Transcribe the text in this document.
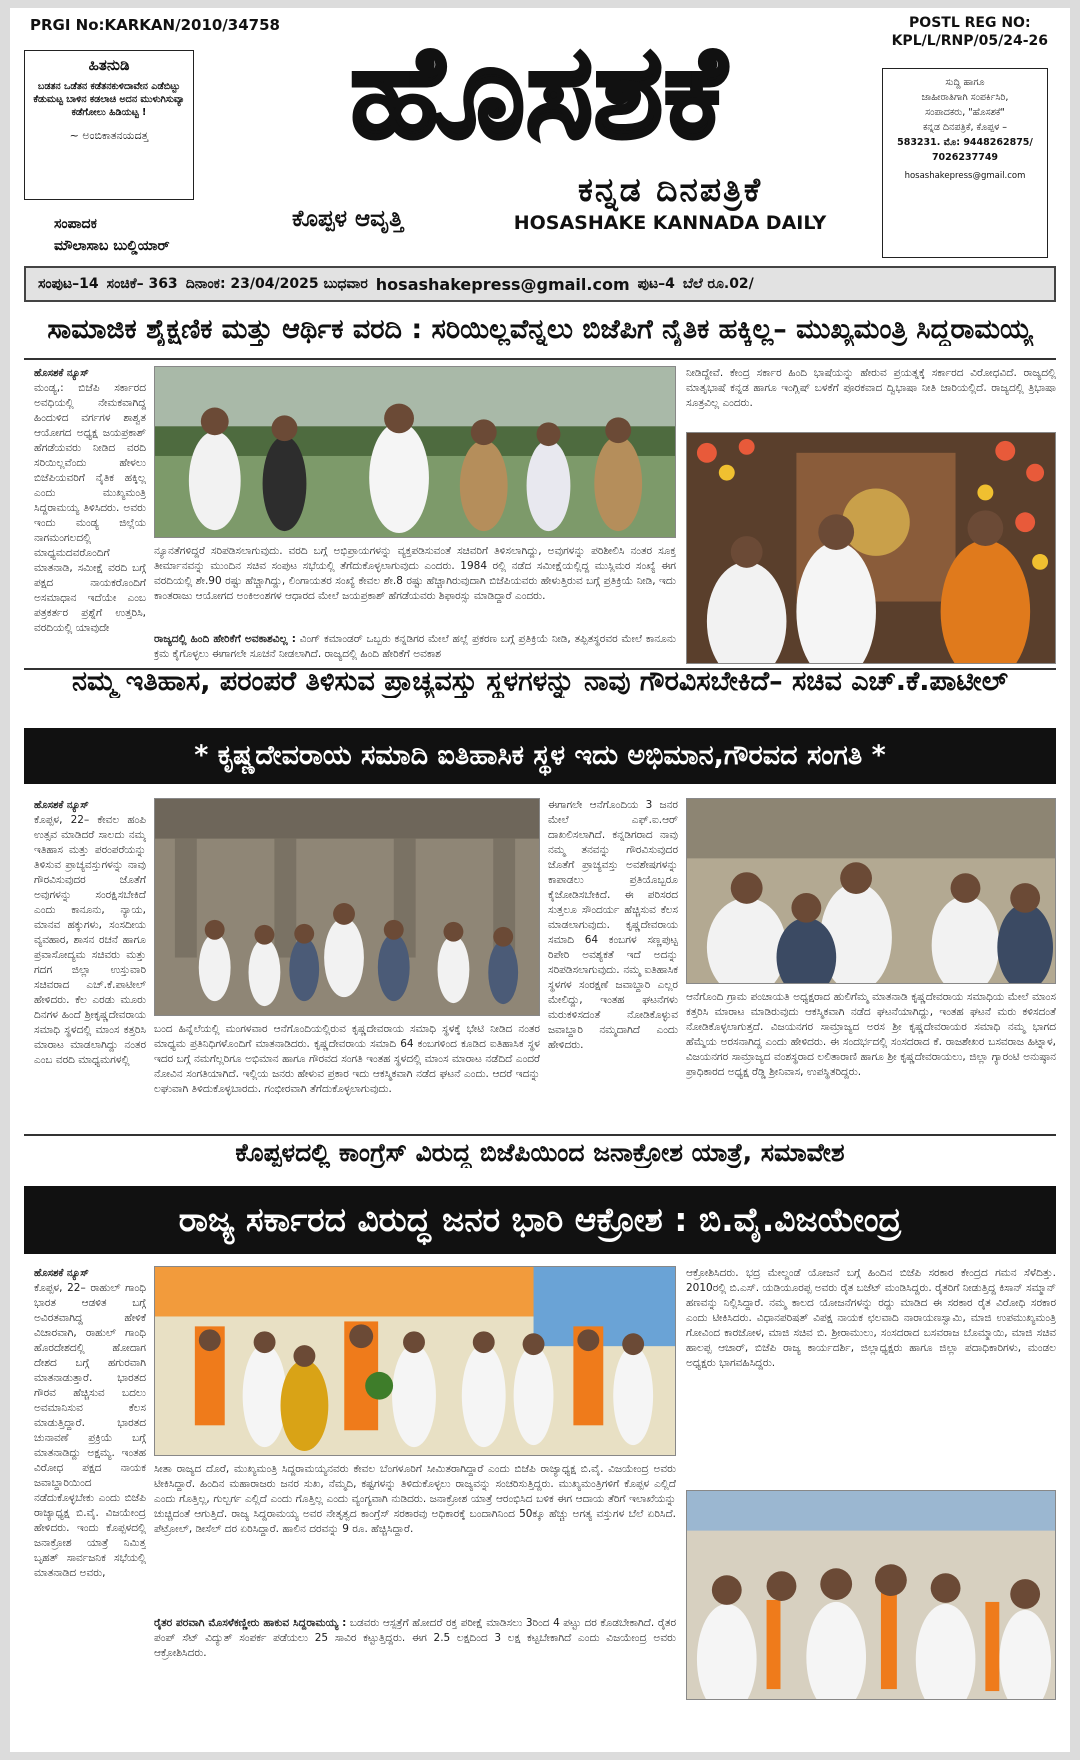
PRGI No:KARKAN/2010/34758	POSTL REG NO:
KPL/L/RNP/05/24-26
ಹಿತನುಡಿ
ಬಡತನ ಒಡೆತನ ಕಡೆತನಕುಳಿದಾವೇನ ಎಡೆಬಿಟ್ಟು ಕೆಡುಮಟ್ಟ ಬಾಳಿನ ಕಡಲಾಚಿ ಅದನ ಮುಳುಗಿಸುವ್ಯಾ ಕಡೆಗೋಲು ಹಿಡಿಯಟ್ಟ !
~ ಅಂಬಿಕಾತನಯದತ್ತ
ಸಂಪಾದಕ
ಮೌಲಾಸಾಬ ಬುಲ್ಡಿಯಾರ್
ಹೊಸಶಕೆ
ಕೊಪ್ಪಳ ಆವೃತ್ತಿ
ಕನ್ನಡ ದಿನಪತ್ರಿಕೆ
HOSASHAKE KANNADA DAILY
ಸುದ್ದಿ ಹಾಗೂ
ಜಾಹೀರಾತಿಗಾಗಿ ಸಂಪರ್ಕಿಸಿರಿ,
ಸಂಪಾದಕರು, "ಹೊಸಶಕೆ"
ಕನ್ನಡ ದಿನಪತ್ರಿಕೆ, ಕೊಪ್ಪಳ –
583231. ಮೊ: 9448262875/
7026237749
hosashakepress@gmail.com
ಸಂಪುಟ–14 ಸಂಚಿಕೆ– 363 ದಿನಾಂಕ: 23/04/2025 ಬುಧವಾರ hosashakepress@gmail.com ಪುಟ–4 ಬೆಲೆ ರೂ.02/
ಸಾಮಾಜಿಕ ಶೈಕ್ಷಣಿಕ ಮತ್ತು ಆರ್ಥಿಕ ವರದಿ : ಸರಿಯಿಲ್ಲವೆನ್ನಲು ಬಿಜೆಪಿಗೆ ನೈತಿಕ ಹಕ್ಕಿಲ್ಲ– ಮುಖ್ಯಮಂತ್ರಿ ಸಿದ್ದರಾಮಯ್ಯ
ಹೊಸಶಕೆ ನ್ಯೂಸ್
ಮಂಡ್ಯ,: ಬಿಜೆಪಿ ಸರ್ಕಾರದ ಅವಧಿಯಲ್ಲಿ ನೇಮಕವಾಗಿದ್ದ ಹಿಂದುಳಿದ ವರ್ಗಗಳ ಶಾಶ್ವತ ಆಯೋಗದ ಅಧ್ಯಕ್ಷ ಜಯಪ್ರಕಾಶ್ ಹೆಗಡೆಯವರು ನೀಡಿದ ವರದಿ ಸರಿಯಿಲ್ಲವೆಂದು ಹೇಳಲು ಬಿಜೆಪಿಯವರಿಗೆ ನೈತಿಕ ಹಕ್ಕಿಲ್ಲ ಎಂದು ಮುಖ್ಯಮಂತ್ರಿ ಸಿದ್ದರಾಮಯ್ಯ ತಿಳಿಸಿದರು. ಅವರು ಇಂದು ಮಂಡ್ಯ ಜಿಲ್ಲೆಯ ನಾಗಮಂಗಲದಲ್ಲಿ ಮಾಧ್ಯಮದವರೊಂದಿಗೆ ಮಾತನಾಡಿ, ಸಮೀಕ್ಷೆ ವರದಿ ಬಗ್ಗೆ ಪಕ್ಷದ ನಾಯಕರೊಂದಿಗೆ ಅಸಮಾಧಾನ ಇದೆಯೇ ಎಂಬ ಪತ್ರಕರ್ತರ ಪ್ರಶ್ನೆಗೆ ಉತ್ತರಿಸಿ, ವರದಿಯಲ್ಲಿ ಯಾವುದೇ
ನ್ಯೂನತೆಗಳಿದ್ದರೆ ಸರಿಪಡಿಸಲಾಗುವುದು. ವರದಿ ಬಗ್ಗೆ ಅಭಿಪ್ರಾಯಗಳನ್ನು ವ್ಯಕ್ತಪಡಿಸುವಂತೆ ಸಚಿವರಿಗೆ ತಿಳಿಸಲಾಗಿದ್ದು, ಅವುಗಳನ್ನು ಪರಿಶೀಲಿಸಿ ನಂತರ ಸೂಕ್ತ ತೀರ್ಮಾನವನ್ನು ಮುಂದಿನ ಸಚಿವ ಸಂಪುಟ ಸಭೆಯಲ್ಲಿ ತೆಗೆದುಕೊಳ್ಳಲಾಗುವುದು ಎಂದರು. 1984 ರಲ್ಲಿ ನಡೆದ ಸಮೀಕ್ಷೆಯಲ್ಲಿದ್ದ ಮುಸ್ಲಿಮರ ಸಂಖ್ಯೆ ಈಗ ವರದಿಯಲ್ಲಿ ಶೇ.90 ರಷ್ಟು ಹೆಚ್ಚಾಗಿದ್ದು, ಲಿಂಗಾಯತರ ಸಂಖ್ಯೆ ಕೇವಲ ಶೇ.8 ರಷ್ಟು ಹೆಚ್ಚಾಗಿರುವುದಾಗಿ ಬಿಜೆಪಿಯವರು ಹೇಳುತ್ತಿರುವ ಬಗ್ಗೆ ಪ್ರತಿಕ್ರಿಯೆ ನೀಡಿ, ಇದು ಕಾಂತರಾಜು ಆಯೋಗದ ಅಂಕಿಅಂಶಗಳ ಆಧಾರದ ಮೇಲೆ ಜಯಪ್ರಕಾಶ್ ಹೆಗಡೆಯವರು ಶಿಫಾರಸ್ಸು ಮಾಡಿದ್ದಾರೆ ಎಂದರು.
ರಾಜ್ಯದಲ್ಲಿ ಹಿಂದಿ ಹೇರಿಕೆಗೆ ಅವಕಾಶವಿಲ್ಲ : ವಿಂಗ್ ಕಮಾಂಡರ್ ಒಬ್ಬರು ಕನ್ನಡಿಗರ ಮೇಲೆ ಹಲ್ಲೆ ಪ್ರಕರಣ ಬಗ್ಗೆ ಪ್ರತಿಕ್ರಿಯೆ ನೀಡಿ, ತಪ್ಪಿತಸ್ಥರವರ ಮೇಲೆ ಕಾನೂನು ಕ್ರಮ ಕೈಗೊಳ್ಳಲು ಈಗಾಗಲೇ ಸೂಚನೆ ನೀಡಲಾಗಿದೆ. ರಾಜ್ಯದಲ್ಲಿ ಹಿಂದಿ ಹೇರಿಕೆಗೆ ಅವಕಾಶ
ನೀಡಿದ್ದೇವೆ. ಕೇಂದ್ರ ಸರ್ಕಾರ ಹಿಂದಿ ಭಾಷೆಯನ್ನು ಹೇರುವ ಪ್ರಯತ್ನಕ್ಕೆ ಸರ್ಕಾರದ ವಿರೋಧವಿದೆ. ರಾಜ್ಯದಲ್ಲಿ ಮಾತೃಭಾಷೆ ಕನ್ನಡ ಹಾಗೂ ಇಂಗ್ಲಿಷ್ ಬಳಕೆಗೆ ಪೂರಕವಾದ ದ್ವಿಭಾಷಾ ನೀತಿ ಜಾರಿಯಲ್ಲಿದೆ. ರಾಜ್ಯದಲ್ಲಿ ತ್ರಿಭಾಷಾ ಸೂತ್ರವಿಲ್ಲ ಎಂದರು.
ನಮ್ಮ ಇತಿಹಾಸ, ಪರಂಪರೆ ತಿಳಿಸುವ ಪ್ರಾಚ್ಯವಸ್ತು ಸ್ಥಳಗಳನ್ನು ನಾವು ಗೌರವಿಸಬೇಕಿದೆ– ಸಚಿವ ಎಚ್.ಕೆ.ಪಾಟೀಲ್
* ಕೃಷ್ಣದೇವರಾಯ ಸಮಾದಿ ಐತಿಹಾಸಿಕ ಸ್ಥಳ ಇದು ಅಭಿಮಾನ,ಗೌರವದ ಸಂಗತಿ *
ಹೊಸಶಕೆ ನ್ಯೂಸ್
ಕೊಪ್ಪಳ, 22– ಕೇವಲ ಹಂಪಿ ಉತ್ಸವ ಮಾಡಿದರೆ ಸಾಲದು ನಮ್ಮ ಇತಿಹಾಸ ಮತ್ತು ಪರಂಪರೆಯನ್ನು ತಿಳಿಸುವ ಪ್ರಾಚ್ಯವಸ್ತುಗಳನ್ನು ನಾವು ಗೌರವಿಸುವುದರ ಜೊತೆಗೆ ಅವುಗಳನ್ನು ಸಂರಕ್ಷಿಸಬೇಕಿದೆ ಎಂದು ಕಾನೂನು, ನ್ಯಾಯ, ಮಾನವ ಹಕ್ಕುಗಳು, ಸಂಸದೀಯ ವ್ಯವಹಾರ, ಶಾಸನ ರಚನೆ ಹಾಗೂ ಪ್ರವಾಸೋದ್ಯಮ ಸಚಿವರು ಮತ್ತು ಗದಗ ಜಿಲ್ಲಾ ಉಸ್ತುವಾರಿ ಸಚಿವರಾದ ಎಚ್.ಕೆ.ಪಾಟೀಲ್ ಹೇಳಿದರು. ಕೆಲ ಎರಡು ಮೂರು ದಿನಗಳ ಹಿಂದೆ ಶ್ರೀಕೃಷ್ಣದೇವರಾಯ ಸಮಾಧಿ ಸ್ಥಳದಲ್ಲಿ ಮಾಂಸ ಕತ್ತರಿಸಿ ಮಾರಾಟ ಮಾಡಲಾಗಿದ್ದು ನಂತರ ಎಂಬ ವರದಿ ಮಾಧ್ಯಮಗಳಲ್ಲಿ
ಬಂದ ಹಿನ್ನೆಲೆಯಲ್ಲಿ ಮಂಗಳವಾರ ಆನೆಗೊಂದಿಯಲ್ಲಿರುವ ಕೃಷ್ಣದೇವರಾಯ ಸಮಾಧಿ ಸ್ಥಳಕ್ಕೆ ಭೇಟಿ ನೀಡಿದ ನಂತರ ಮಾಧ್ಯಮ ಪ್ರತಿನಿಧಿಗಳೊಂದಿಗೆ ಮಾತನಾಡಿದರು. ಕೃಷ್ಣದೇವರಾಯ ಸಮಾದಿ 64 ಕಂಬಗಳಿಂದ ಕೂಡಿದ ಐತಿಹಾಸಿಕ ಸ್ಥಳ ಇದರ ಬಗ್ಗೆ ನಮಗೆಲ್ಲರಿಗೂ ಅಭಿಮಾನ ಹಾಗೂ ಗೌರವದ ಸಂಗತಿ ಇಂತಹ ಸ್ಥಳದಲ್ಲಿ ಮಾಂಸ ಮಾರಾಟ ನಡೆದಿದೆ ಎಂದರೆ ನೋವಿನ ಸಂಗತಿಯಾಗಿದೆ. ಇಲ್ಲಿಯ ಜನರು ಹೇಳುವ ಪ್ರಕಾರ ಇದು ಆಕಸ್ಮಿಕವಾಗಿ ನಡೆದ ಘಟನೆ ಎಂದು. ಆದರೆ ಇದನ್ನು ಲಘುವಾಗಿ ತಿಳಿದುಕೊಳ್ಳಬಾರದು. ಗಂಭೀರವಾಗಿ ತೆಗೆದುಕೊಳ್ಳಲಾಗುವುದು.
ಈಗಾಗಲೇ ಆನೆಗೊಂದಿಯ 3 ಜನರ ಮೇಲೆ ಎಫ್.ಐ.ಆರ್ ದಾಖಲಿಸಲಾಗಿದೆ. ಕನ್ನಡಿಗರಾದ ನಾವು ನಮ್ಮ ತನವನ್ನು ಗೌರವಿಸುವುದರ ಜೊತೆಗೆ ಪ್ರಾಚ್ಯವಸ್ತು ಅವಶೇಷಗಳನ್ನು ಕಾಪಾಡಲು ಪ್ರತಿಯೊಬ್ಬರೂ ಕೈಜೋಡಿಸಬೇಕಿದೆ. ಈ ಪರಿಸರದ ಸುತ್ತಲೂ ಸೌಂದರ್ಯ ಹೆಚ್ಚಿಸುವ ಕೆಲಸ ಮಾಡಲಾಗುವುದು. ಕೃಷ್ಣದೇವರಾಯ ಸಮಾದಿ 64 ಕಂಬಗಳ ಸಣ್ಣಪುಟ್ಟ ರಿಪೇರಿ ಅವಶ್ಯಕತೆ ಇದೆ ಅದನ್ನು ಸರಿಪಡಿಸಲಾಗುವುದು. ನಮ್ಮ ಐತಿಹಾಸಿಕ ಸ್ಥಳಗಳ ಸಂರಕ್ಷಣೆ ಜವಾಬ್ದಾರಿ ಎಲ್ಲರ ಮೇಲಿದ್ದು, ಇಂತಹ ಘಟನೆಗಳು ಮರುಕಳಿಸದಂತೆ ನೋಡಿಕೊಳ್ಳುವ ಜವಾಬ್ದಾರಿ ನಮ್ಮದಾಗಿದೆ ಎಂದು ಹೇಳಿದರು.
ಆನೆಗೊಂದಿ ಗ್ರಾಮ ಪಂಚಾಯತಿ ಅಧ್ಯಕ್ಷರಾದ ಹುಲಿಗೆಮ್ಮ ಮಾತನಾಡಿ ಕೃಷ್ಣದೇವರಾಯ ಸಮಾಧಿಯ ಮೇಲೆ ಮಾಂಸ ಕತ್ತರಿಸಿ ಮಾರಾಟ ಮಾಡಿರುವುದು ಆಕಸ್ಮಿಕವಾಗಿ ನಡೆದ ಘಟನೆಯಾಗಿದ್ದು, ಇಂತಹ ಘಟನೆ ಮರು ಕಳಿಸದಂತೆ ನೋಡಿಕೊಳ್ಳಲಾಗುತ್ತದೆ. ವಿಜಯನಗರ ಸಾಮ್ರಾಜ್ಯದ ಅರಸ ಶ್ರೀ ಕೃಷ್ಣದೇವರಾಯರ ಸಮಾಧಿ ನಮ್ಮ ಭಾಗದ ಹೆಮ್ಮೆಯ ಅರಸನಾಗಿದ್ದ ಎಂದು ಹೇಳಿದರು. ಈ ಸಂದರ್ಭದಲ್ಲಿ ಸಂಸದರಾದ ಕೆ. ರಾಜಶೇಖರ ಬಸವರಾಜ ಹಿಟ್ನಾಳ, ವಿಜಯನಗರ ಸಾಮ್ರಾಜ್ಯದ ವಂಶಸ್ಥರಾದ ಲಲಿತಾರಾಣಿ ಹಾಗೂ ಶ್ರೀ ಕೃಷ್ಣದೇವರಾಯಲು, ಜಿಲ್ಲಾ ಗ್ಯಾರಂಟಿ ಅನುಷ್ಠಾನ ಪ್ರಾಧಿಕಾರದ ಅಧ್ಯಕ್ಷ ರೆಡ್ಡಿ ಶ್ರೀನಿವಾಸ, ಉಪಸ್ಥಿತರಿದ್ದರು.
ಕೊಪ್ಪಳದಲ್ಲಿ ಕಾಂಗ್ರೆಸ್ ವಿರುದ್ಧ ಬಿಜೆಪಿಯಿಂದ ಜನಾಕ್ರೋಶ ಯಾತ್ರೆ, ಸಮಾವೇಶ
ರಾಜ್ಯ ಸರ್ಕಾರದ ವಿರುದ್ಧ ಜನರ ಭಾರಿ ಆಕ್ರೋಶ : ಬಿ.ವೈ.ವಿಜಯೇಂದ್ರ
ಹೊಸಶಕೆ ನ್ಯೂಸ್
ಕೊಪ್ಪಳ, 22– ರಾಹುಲ್ ಗಾಂಧಿ ಭಾರತ ಆಡಳಿತ ಬಗ್ಗೆ ಅವಿರತವಾಗಿದ್ದ ಹೇಳಿಕೆ ವಿಚಾರವಾಗಿ, ರಾಹುಲ್ ಗಾಂಧಿ ಹೊರದೇಶದಲ್ಲಿ ಹೋದಾಗ ದೇಶದ ಬಗ್ಗೆ ಹಗುರವಾಗಿ ಮಾತನಾಡುತ್ತಾರೆ. ಭಾರತದ ಗೌರವ ಹೆಚ್ಚಿಸುವ ಬದಲು ಅವಮಾನಿಸುವ ಕೆಲಸ ಮಾಡುತ್ತಿದ್ದಾರೆ. ಭಾರತದ ಚುನಾವಣೆ ಪ್ರಕ್ರಿಯೆ ಬಗ್ಗೆ ಮಾತನಾಡಿದ್ದು ಅಕ್ಷಮ್ಯ. ಇಂತಹ ವಿರೋಧ ಪಕ್ಷದ ನಾಯಕ ಜವಾಬ್ದಾರಿಯಿಂದ ನಡೆದುಕೊಳ್ಳಬೇಕು ಎಂದು ಬಿಜೆಪಿ ರಾಜ್ಯಾಧ್ಯಕ್ಷ ಬಿ.ವೈ. ವಿಜಯೇಂದ್ರ ಹೇಳಿದರು. ಇಂದು ಕೊಪ್ಪಳದಲ್ಲಿ ಜನಾಕ್ರೋಶ ಯಾತ್ರೆ ನಿಮಿತ್ತ ಬೃಹತ್ ಸಾರ್ವಜನಿಕ ಸಭೆಯಲ್ಲಿ ಮಾತನಾಡಿದ ಅವರು,
ಸೀತಾ ರಾಜ್ಯದ ದೊರೆ, ಮುಖ್ಯಮಂತ್ರಿ ಸಿದ್ದರಾಮಯ್ಯನವರು ಕೇವಲ ಬೆಂಗಳೂರಿಗೆ ಸೀಮಿತರಾಗಿದ್ದಾರೆ ಎಂದು ಬಿಜೆಪಿ ರಾಜ್ಯಾಧ್ಯಕ್ಷ ಬಿ.ವೈ. ವಿಜಯೇಂದ್ರ ಅವರು ಟೀಕಿಸಿದ್ದಾರೆ. ಹಿಂದಿನ ಮಹಾರಾಜರು ಜನರ ಸುಖ, ನೆಮ್ಮದಿ, ಕಷ್ಟಗಳನ್ನು ತಿಳಿದುಕೊಳ್ಳಲು ರಾಜ್ಯವನ್ನು ಸಂಚರಿಸುತ್ತಿದ್ದರು. ಮುಖ್ಯಮಂತ್ರಿಗಳಿಗೆ ಕೊಪ್ಪಳ ಎಲ್ಲಿದೆ ಎಂದು ಗೊತ್ತಿಲ್ಲ, ಗುಲ್ಬರ್ಗ ಎಲ್ಲಿದೆ ಎಂದು ಗೊತ್ತಿಲ್ಲ ಎಂದು ವ್ಯಂಗ್ಯವಾಗಿ ನುಡಿದರು. ಜನಾಕ್ರೋಶ ಯಾತ್ರೆ ಆರಂಭಿಸಿದ ಬಳಿಕ ಈಗ ಆದಾಯ ತೆರಿಗೆ ಇಲಾಖೆಯನ್ನು ಚುಚ್ಚಿದಂತೆ ಆಗುತ್ತಿದೆ. ರಾಜ್ಯ ಸಿದ್ದರಾಮಯ್ಯ ಅವರ ನೇತೃತ್ವದ ಕಾಂಗ್ರೆಸ್ ಸರಕಾರವು ಅಧಿಕಾರಕ್ಕೆ ಬಂದಾಗಿನಿಂದ 50ಕ್ಕೂ ಹೆಚ್ಚು ಅಗತ್ಯ ವಸ್ತುಗಳ ಬೆಲೆ ಏರಿಸಿದೆ. ಪೆಟ್ರೋಲ್, ಡೀಸೆಲ್ ದರ ಏರಿಸಿದ್ದಾರೆ. ಹಾಲಿನ ದರವನ್ನು 9 ರೂ. ಹೆಚ್ಚಿಸಿದ್ದಾರೆ.
ರೈತರ ಪರವಾಗಿ ಮೊಸಳೆಕಣ್ಣೀರು ಹಾಕುವ ಸಿದ್ದರಾಮಯ್ಯ : ಬಡವರು ಆಸ್ಪತ್ರೆಗೆ ಹೋದರೆ ರಕ್ತ ಪರೀಕ್ಷೆ ಮಾಡಿಸಲು 3ರಿಂದ 4 ಪಟ್ಟು ದರ ಕೊಡಬೇಕಾಗಿದೆ. ರೈತರ ಪಂಪ್ ಸೆಟ್ ವಿದ್ಯುತ್ ಸಂಪರ್ಕ ಪಡೆಯಲು 25 ಸಾವಿರ ಕಟ್ಟುತ್ತಿದ್ದರು. ಈಗ 2.5 ಲಕ್ಷದಿಂದ 3 ಲಕ್ಷ ಕಟ್ಟಬೇಕಾಗಿದೆ ಎಂದು ವಿಜಯೇಂದ್ರ ಅವರು ಆಕ್ರೋಶಿಸಿದರು.
ಆಕ್ರೋಶಿಸಿದರು. ಭದ್ರ ಮೇಲ್ದಂಡೆ ಯೋಜನೆ ಬಗ್ಗೆ ಹಿಂದಿನ ಬಿಜೆಪಿ ಸರಕಾರ ಕೇಂದ್ರದ ಗಮನ ಸೆಳೆದಿತ್ತು. 2010ರಲ್ಲಿ ಬಿ.ಎಸ್. ಯಡಿಯೂರಪ್ಪ ಅವರು ರೈತ ಬಜೆಟ್ ಮಂಡಿಸಿದ್ದರು. ರೈತರಿಗೆ ನೀಡುತ್ತಿದ್ದ ಕಿಸಾನ್ ಸಮ್ಮಾನ್ ಹಣವನ್ನು ನಿಲ್ಲಿಸಿದ್ದಾರೆ. ನಮ್ಮ ಕಾಲದ ಯೋಜನೆಗಳನ್ನು ರದ್ದು ಮಾಡಿದ ಈ ಸರಕಾರ ರೈತ ವಿರೋಧಿ ಸರಕಾರ ಎಂದು ಟೀಕಿಸಿದರು. ವಿಧಾನಪರಿಷತ್ ವಿಪಕ್ಷ ನಾಯಕ ಛಲವಾದಿ ನಾರಾಯಣಸ್ವಾಮಿ, ಮಾಜಿ ಉಪಮುಖ್ಯಮಂತ್ರಿ ಗೋವಿಂದ ಕಾರಜೋಳ, ಮಾಜಿ ಸಚಿವ ಬಿ. ಶ್ರೀರಾಮುಲು, ಸಂಸದರಾದ ಬಸವರಾಜ ಬೊಮ್ಮಾಯಿ, ಮಾಜಿ ಸಚಿವ ಹಾಲಪ್ಪ ಆಚಾರ್, ಬಿಜೆಪಿ ರಾಜ್ಯ ಕಾರ್ಯದರ್ಶಿ, ಜಿಲ್ಲಾಧ್ಯಕ್ಷರು ಹಾಗೂ ಜಿಲ್ಲಾ ಪದಾಧಿಕಾರಿಗಳು, ಮಂಡಲ ಅಧ್ಯಕ್ಷರು ಭಾಗವಹಿಸಿದ್ದರು.
